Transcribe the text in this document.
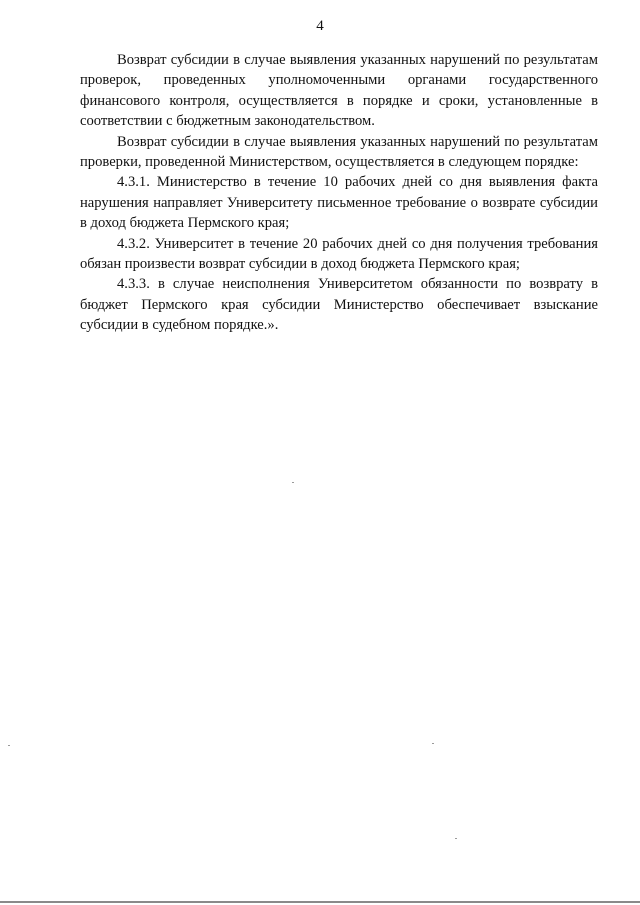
4

Возврат субсидии в случае выявления указанных нарушений по результатам проверок, проведенных уполномоченными органами государственного финансового контроля, осуществляется в порядке и сроки, установленные в соответствии с бюджетным законодательством.

Возврат субсидии в случае выявления указанных нарушений по результатам проверки, проведенной Министерством, осуществляется в следующем порядке:

4.3.1. Министерство в течение 10 рабочих дней со дня выявления факта нарушения направляет Университету письменное требование о возврате субсидии в доход бюджета Пермского края;

4.3.2. Университет в течение 20 рабочих дней со дня получения требования обязан произвести возврат субсидии в доход бюджета Пермского края;

4.3.3. в случае неисполнения Университетом обязанности по возврату в бюджет Пермского края субсидии Министерство обеспечивает взыскание субсидии в судебном порядке.».
